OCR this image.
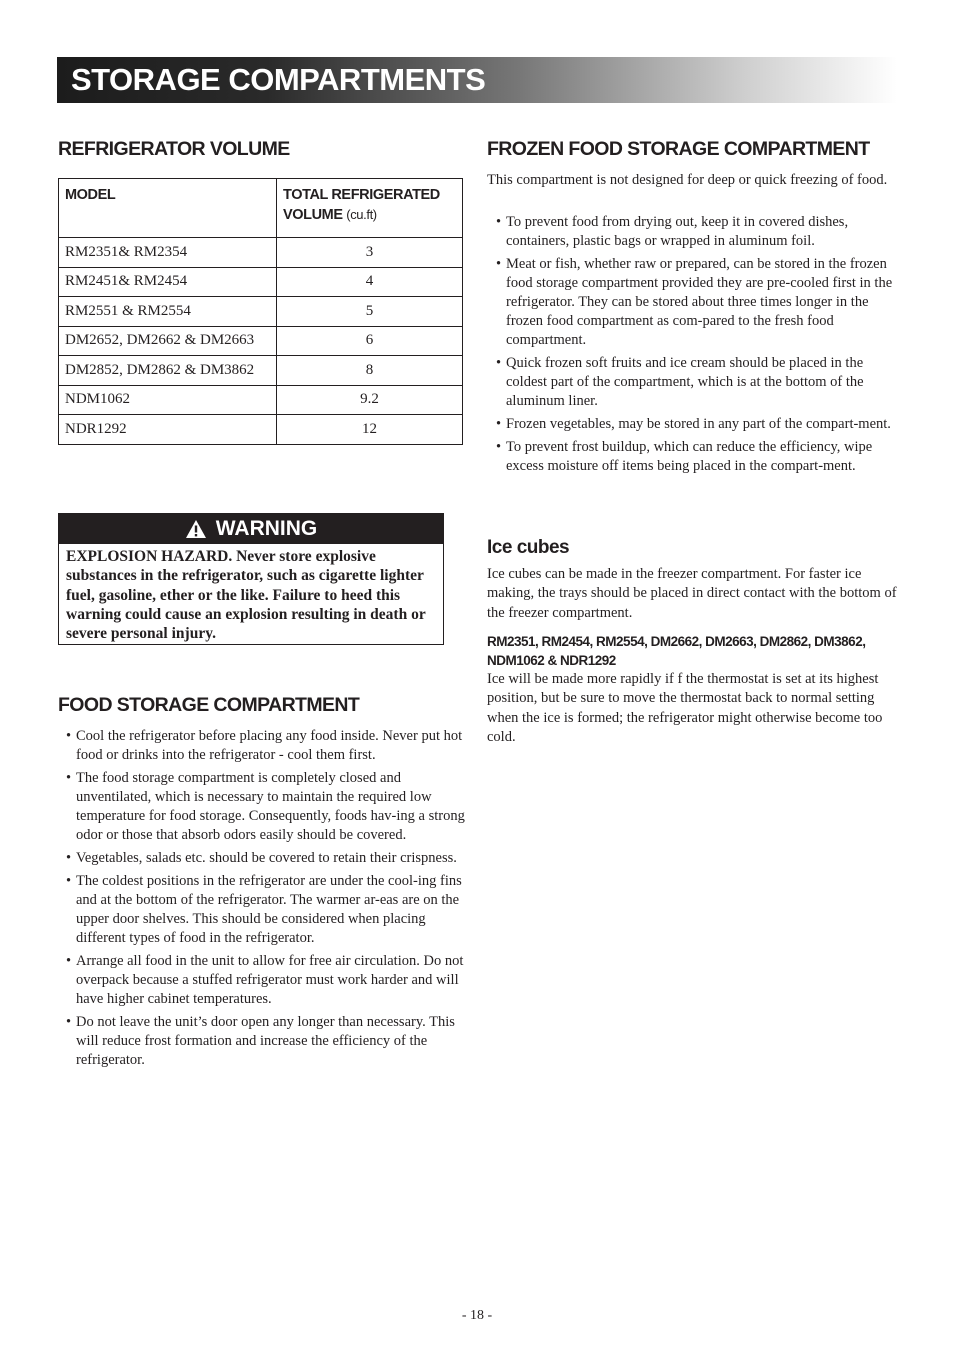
STORAGE COMPARTMENTS
REFRIGERATOR VOLUME
MODEL	TOTAL REFRIGERATED VOLUME (cu.ft)
RM2351& RM2354	3
RM2451& RM2454	4
RM2551 & RM2554	5
DM2652, DM2662 & DM2663	6
DM2852, DM2862 & DM3862	8
NDM1062	9.2
NDR1292	12
WARNING
EXPLOSION HAZARD. Never store explosive substances in the refrigerator, such as cigarette lighter fuel, gasoline, ether or the like. Failure to heed this warning could cause an explosion resulting in death or severe personal injury.
FOOD STORAGE COMPARTMENT
• Cool the refrigerator before placing any food inside. Never put hot food or drinks into the refrigerator - cool them first.
• The food storage compartment is completely closed and unventilated, which is necessary to maintain the required low temperature for food storage. Consequently, foods hav-ing a strong odor or those that absorb odors easily should be covered.
• Vegetables, salads etc. should be covered to retain their crispness.
• The coldest positions in the refrigerator are under the cool-ing fins and at the bottom of the refrigerator. The warmer ar-eas are on the upper door shelves. This should be considered when placing different types of food in the refrigerator.
• Arrange all food in the unit to allow for free air circulation. Do not overpack because a stuffed refrigerator must work harder and will have higher cabinet temperatures.
• Do not leave the unit’s door open any longer than necessary. This will reduce frost formation and increase the efficiency of the refrigerator.
FROZEN FOOD STORAGE COMPARTMENT

This compartment is not designed for deep or quick freezing of food.

• To prevent food from drying out, keep it in covered dishes, containers, plastic bags or wrapped in aluminum foil.
• Meat or fish, whether raw or prepared, can be stored in the frozen food storage compartment provided they are pre-cooled first in the refrigerator. They can be stored about three times longer in the frozen food compartment as com-pared to the fresh food compartment.
• Quick frozen soft fruits and ice cream should be placed in the coldest part of the compartment, which is at the bottom of the aluminum liner.
• Frozen vegetables, may be stored in any part of the compart-ment.
• To prevent frost buildup, which can reduce the efficiency, wipe excess moisture off items being placed in the compart-ment.
Ice cubes

Ice cubes can be made in the freezer compartment. For faster ice making, the trays should be placed in direct contact with the bottom of the freezer compartment.

RM2351, RM2454, RM2554, DM2662, DM2663, DM2862, DM3862, NDM1062 & NDR1292

Ice will be made more rapidly if f the thermostat is set at its highest position, but be sure to move the thermostat back to normal setting when the ice is formed; the refrigerator might otherwise become too cold.

- 18 -
